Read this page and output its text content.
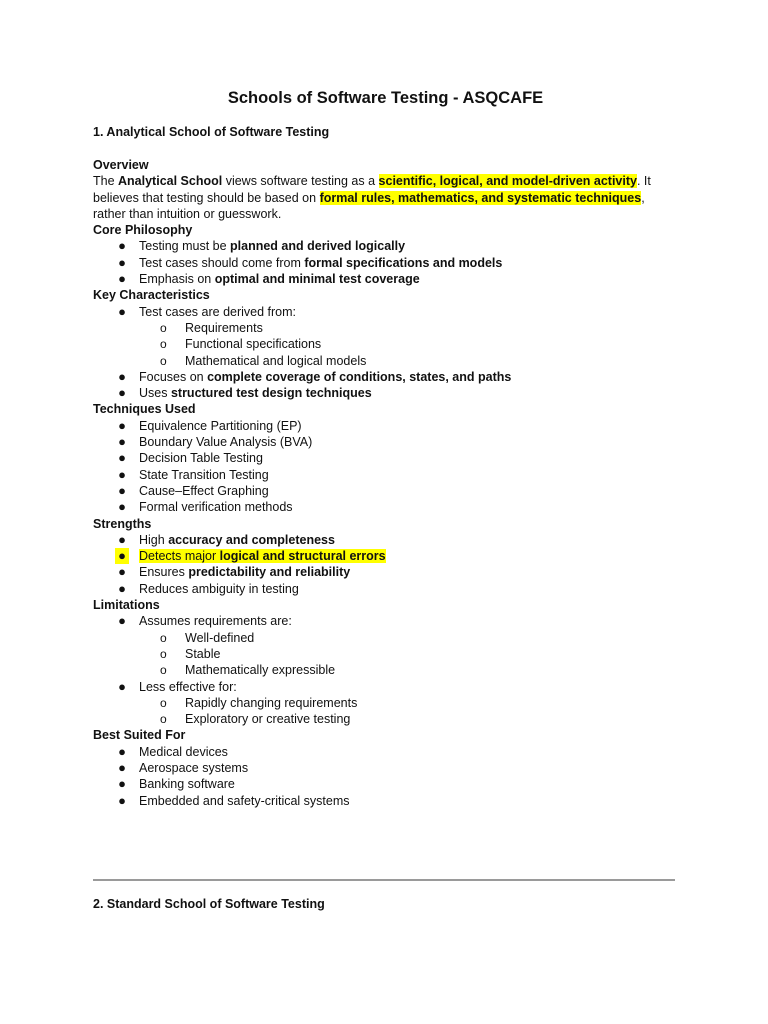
Schools of Software Testing - ASQCAFE
1. Analytical School of Software Testing
Overview

The Analytical School views software testing as a scientific, logical, and model-driven activity. It believes that testing should be based on formal rules, mathematics, and systematic techniques, rather than intuition or guesswork.

Core Philosophy
● Testing must be planned and derived logically
● Test cases should come from formal specifications and models
● Emphasis on optimal and minimal test coverage
Key Characteristics
● Test cases are derived from:
o Requirements
o Functional specifications
o Mathematical and logical models
● Focuses on complete coverage of conditions, states, and paths
● Uses structured test design techniques
Techniques Used
● Equivalence Partitioning (EP)
● Boundary Value Analysis (BVA)
● Decision Table Testing
● State Transition Testing
● Cause–Effect Graphing
● Formal verification methods
Strengths
● High accuracy and completeness
● Detects major logical and structural errors
● Ensures predictability and reliability
● Reduces ambiguity in testing
Limitations
● Assumes requirements are:
o Well-defined
o Stable
o Mathematically expressible
● Less effective for:
o Rapidly changing requirements
o Exploratory or creative testing
Best Suited For
● Medical devices
● Aerospace systems
● Banking software
● Embedded and safety-critical systems
2. Standard School of Software Testing
